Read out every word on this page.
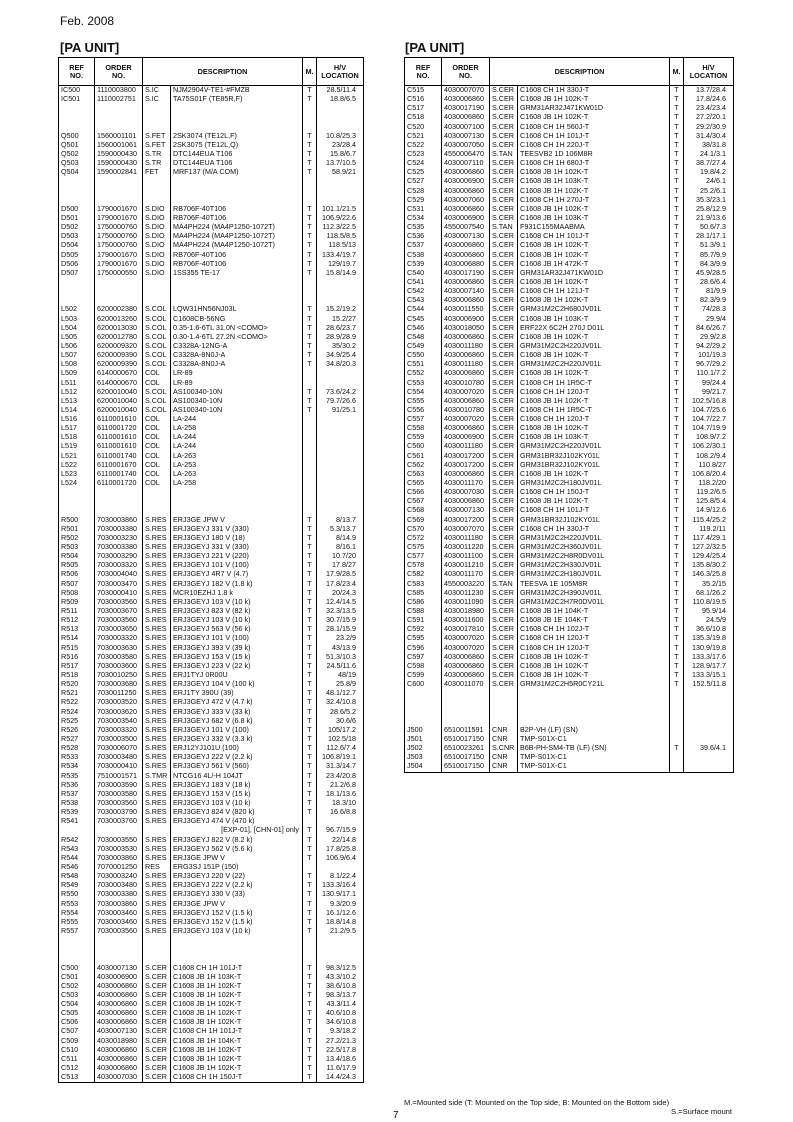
Feb. 2008
[PA UNIT]	[PA UNIT]
REF
NO.	ORDER
NO.	DESCRIPTION		M.	H/V
LOCATION
IC500	1110003800	S.IC	NJM2904V-TE1-#FMZB	T	28.5/11.4
IC501	1110002751	S.IC	TA75S01F (TE85R,F)	T	18.8/6.5

Q500	1560001101	S.FET	2SK3074 (TE12L,F)	T	10.8/25.3
Q501	1560001061	S.FET	2SK3075 (TE12L,Q)	T	23/28.4
Q502	1590000430	S.TR	DTC144EUA T106	T	15.8/6.7
Q503	1590000430	S.TR	DTC144EUA T106	T	13.7/10.5
Q504	1590002841	FET	MRF137 (M/A COM)	T	58.9/21

D500	1790001670	S.DIO	RB706F-40T106	T	101.1/21.5
D501	1790001670	S.DIO	RB706F-40T106	T	106.9/22.6
D502	1750000760	S.DIO	MA4PH224 (MA4P1250-1072T)	T	112.3/22.5
D503	1750000760	S.DIO	MA4PH224 (MA4P1250-1072T)	T	118.5/8.5
D504	1750000760	S.DIO	MA4PH224 (MA4P1250-1072T)	T	118.5/13
D505	1790001670	S.DIO	RB706F-40T106	T	133.4/19.7
D506	1790001670	S.DIO	RB706F-40T106	T	129/19.7
D507	1750000550	S.DIO	1SS355 TE-17	T	15.8/14.9

L502	6200002380	S.COL	LQW31HN56NJ03L	T	15.2/19.2
L503	6200013260	S.COL	C1608CB-56NG	T	15.2/27
L504	6200013030	S.COL	0.35-1.6-6TL 31.0N <COMO>	T	28.6/23.7
L505	6200012780	S.COL	0.30-1.4-6TL 27.2N <COMO>	T	28.9/28.9
L506	6200009320	S.COL	C3328A-12NG-A	T	35/30.2
L507	6200009390	S.COL	C3328A-8N0J-A	T	34.9/25.4
L508	6200009390	S.COL	C3328A-8N0J-A	T	34.8/20.3
L509	6140000670	COL	LR-89		
L511	6140000670	COL	LR-89		
L512	6200010040	S.COL	AS100340-10N	T	73.6/24.2
L513	6200010040	S.COL	AS100340-10N	T	79.7/26.6
L514	6200010040	S.COL	AS100340-10N	T	91/25.1
L516	6110001610	COL	LA-244		
L517	6110001720	COL	LA-258		
L518	6110001610	COL	LA-244		
L519	6110001610	COL	LA-244		
L521	6110001740	COL	LA-263		
L522	6110001670	COL	LA-253		
L523	6110001740	COL	LA-263		
L524	6110001720	COL	LA-258		

R500	7030003860	S.RES	ERJ3GE JPW V	T	8/13.7
R501	7030003380	S.RES	ERJ3GEYJ 331 V (330)	T	5.3/13.7
R502	7030003230	S.RES	ERJ3GEYJ 180 V (18)	T	8/14.9
R503	7030003380	S.RES	ERJ3GEYJ 331 V (330)	T	8/16.1
R504	7030003290	S.RES	ERJ3GEYJ 221 V (220)	T	10.7/20
R505	7030003320	S.RES	ERJ3GEYJ 101 V (100)	T	17.8/27
R506	7030004040	S.RES	ERJ3GEYJ 4R7 V (4.7)	T	17.9/28.5
R507	7030003470	S.RES	ERJ3GEYJ 182 V (1.8 k)	T	17.8/23.4
R508	7030000410	S.RES	MCR10EZHJ 1.8 k	T	20/24.3
R509	7030003560	S.RES	ERJ3GEYJ 103 V (10 k)	T	12.4/14.5
R511	7030003670	S.RES	ERJ3GEYJ 823 V (82 k)	T	32.3/13.5
R512	7030003560	S.RES	ERJ3GEYJ 103 V (10 k)	T	30.7/15.9
R513	7030003650	S.RES	ERJ3GEYJ 563 V (56 k)	T	28.1/15.9
R514	7030003320	S.RES	ERJ3GEYJ 101 V (100)	T	23.2/9
R515	7030003630	S.RES	ERJ3GEYJ 393 V (39 k)	T	43/13.9
R516	7030003580	S.RES	ERJ3GEYJ 153 V (15 k)	T	51.3/10.3
R517	7030003600	S.RES	ERJ3GEYJ 223 V (22 k)	T	24.5/11.6
R518	7030010250	S.RES	ERJ1TYJ 0R00U	T	48/19
R520	7030003680	S.RES	ERJ3GEYJ 104 V (100 k)	T	25.8/9
R521	7030011250	S.RES	ERJ1TY 390U (39)	T	48.1/12.7
R522	7030003520	S.RES	ERJ3GEYJ 472 V (4.7 k)	T	32.4/10.8
R524	7030003620	S.RES	ERJ3GEYJ 333 V (33 k)	T	28.6/5.2
R525	7030003540	S.RES	ERJ3GEYJ 682 V (6.8 k)	T	30.6/6
R526	7030003320	S.RES	ERJ3GEYJ 101 V (100)	T	105/17.2
R527	7030003500	S.RES	ERJ3GEYJ 332 V (3.3 k)	T	102.5/18
R528	7030006070	S.RES	ERJ12YJ101U (100)	T	112.6/7.4
R533	7030003480	S.RES	ERJ3GEYJ 222 V (2.2 k)	T	106.8/19.1
R534	7030000410	S.RES	ERJ3GEYJ 561 V (560)	T	31.3/14.7
R535	7510001571	S.TMR	NTCG16 4L/-H 104JT	T	23.4/20.8
R536	7030003590	S.RES	ERJ3GEYJ 183 V (18 k)	T	21.2/6.8
R537	7030003580	S.RES	ERJ3GEYJ 153 V (15 k)	T	18.1/13.6
R538	7030003560	S.RES	ERJ3GEYJ 103 V (10 k)	T	18.3/10
R539	7030003790	S.RES	ERJ3GEYJ 824 V (820 k)	T	16.6/8.8
R541	7030003760	S.RES	ERJ3GEYJ 474 V (470 k)		
			[EXP-01], [CHN-01] only	T	96.7/15.9
R542	7030003550	S.RES	ERJ3GEYJ 822 V (8.2 k)	T	22/14.8
R543	7030003530	S.RES	ERJ3GEYJ 562 V (5.6 k)	T	17.8/25.8
R544	7030003860	S.RES	ERJ3GE JPW V	T	106.9/6.4
R546	7070001250	RES	ERG3SJ 151P (150)		
R548	7030003240	S.RES	ERJ3GEYJ 220 V (22)	T	8.1/22.4
R549	7030003480	S.RES	ERJ3GEYJ 222 V (2.2 k)	T	133.3/16.4
R550	7030003380	S.RES	ERJ3GEYJ 330 V (33)	T	130.9/17.1
R553	7030003860	S.RES	ERJ3GE JPW V	T	9.3/20.9
R554	7030003460	S.RES	ERJ3GEYJ 152 V (1.5 k)	T	16.1/12.6
R555	7030003460	S.RES	ERJ3GEYJ 152 V (1.5 k)	T	18.8/14.8
R557	7030003560	S.RES	ERJ3GEYJ 103 V (10 k)	T	21.2/9.5

C500	4030007130	S.CER	C1608 CH 1H 101J-T	T	98.3/12.5
C501	4030006900	S.CER	C1608 JB 1H 103K-T	T	43.3/10.2
C502	4030006860	S.CER	C1608 JB 1H 102K-T	T	38.6/10.8
C503	4030006860	S.CER	C1608 JB 1H 102K-T	T	98.3/13.7
C504	4030006860	S.CER	C1608 JB 1H 102K-T	T	43.3/11.4
C505	4030006860	S.CER	C1608 JB 1H 102K-T	T	40.6/10.8
C506	4030006860	S.CER	C1608 JB 1H 102K-T	T	34.6/10.8
C507	4030007130	S.CER	C1608 CH 1H 101J-T	T	9.3/18.2
C509	4030018980	S.CER	C1608 JB 1H 104K-T	T	27.2/21.3
C510	4030006860	S.CER	C1608 JB 1H 102K-T	T	22.5/17.8
C511	4030006860	S.CER	C1608 JB 1H 102K-T	T	13.4/18.6
C512	4030006860	S.CER	C1608 JB 1H 102K-T	T	11.6/17.9
C513	4030007030	S.CER	C1608 CH 1H 150J-T	T	14.4/24.3
REF
NO.	ORDER
NO.	DESCRIPTION		M.	H/V
LOCATION
C515	4030007070	S.CER	C1608 CH 1H 330J-T	T	13.7/28.4
C516	4030006860	S.CER	C1608 JB 1H 102K-T	T	17.8/24.6
C517	4030017190	S.CER	GRM31AR32J471KW01D	T	23.4/23.4
C518	4030006860	S.CER	C1608 JB 1H 102K-T	T	27.2/20.1
C520	4030007100	S.CER	C1608 CH 1H 560J-T	T	29.2/30.9
C521	4030007130	S.CER	C1608 CH 1H 101J-T	T	31.4/30.4
C522	4030007050	S.CER	C1608 CH 1H 220J-T	T	38/31.8
C523	4550006470	S.TAN	TEESVB2 1D 106M8R	T	24.1/3.1
C524	4030007110	S.CER	C1608 CH 1H 680J-T	T	38.7/27.4
C525	4030006860	S.CER	C1608 JB 1H 102K-T	T	19.8/4.2
C527	4030006900	S.CER	C1608 JB 1H 103K-T	T	24/6.1
C528	4030006860	S.CER	C1608 JB 1H 102K-T	T	25.2/6.1
C529	4030007060	S.CER	C1608 CH 1H 270J-T	T	35.3/23.1
C531	4030006860	S.CER	C1608 JB 1H 102K-T	T	25.8/12.9
C534	4030006900	S.CER	C1608 JB 1H 103K-T	T	21.9/13.6
C535	4550007540	S.TAN	F931C155MAABMA	T	50.6/7.3
C536	4030007130	S.CER	C1608 CH 1H 101J-T	T	28.1/17.1
C537	4030006860	S.CER	C1608 JB 1H 102K-T	T	51.3/9.1
C538	4030006860	S.CER	C1608 JB 1H 102K-T	T	85.7/9.9
C539	4030006880	S.CER	C1608 JB 1H 472K-T	T	84.3/9.9
C540	4030017190	S.CER	GRM31AR32J471KW01D	T	45.9/28.5
C541	4030006860	S.CER	C1608 JB 1H 102K-T	T	28.6/6.4
C542	4030007140	S.CER	C1608 CH 1H 121J-T	T	81/9.9
C543	4030006860	S.CER	C1608 JB 1H 102K-T	T	82.3/9.9
C544	4030011550	S.CER	GRM31M2C2H680JV01L	T	74/28.3
C545	4030006900	S.CER	C1608 JB 1H 103K-T	T	29.9/4
C546	4030018050	S.CER	ERF22X 6C2H 270J D01L	T	84.6/26.7
C548	4030006860	S.CER	C1608 JB 1H 102K-T	T	29.9/2.8
C549	4030011180	S.CER	GRM31M2C2H220JV01L	T	94.2/29.2
C550	4030006860	S.CER	C1608 JB 1H 102K-T	T	101/19.3
C551	4030011180	S.CER	GRM31M2C2H220JV01L	T	96.7/29.2
C552	4030006860	S.CER	C1608 JB 1H 102K-T	T	110.1/7.2
C553	4030010780	S.CER	C1608 CH 1H 1R5C-T	T	99/24.4
C554	4030007020	S.CER	C1608 CH 1H 120J-T	T	99/21.7
C555	4030006860	S.CER	C1608 JB 1H 102K-T	T	102.5/16.8
C556	4030010780	S.CER	C1608 CH 1H 1R5C-T	T	104.7/25.6
C557	4030007020	S.CER	C1608 CH 1H 120J-T	T	104.7/22.7
C558	4030006860	S.CER	C1608 JB 1H 102K-T	T	104.7/19.9
C559	4030006900	S.CER	C1608 JB 1H 103K-T	T	108.9/7.2
C560	4030011180	S.CER	GRM31M2C2H220JV01L	T	106.2/30.1
C561	4030017200	S.CER	GRM31BR32J102KY01L	T	108.2/9.4
C562	4030017200	S.CER	GRM31BR32J102KY01L	T	110.8/27
C563	4030006860	S.CER	C1608 JB 1H 102K-T	T	106.8/20.4
C565	4030011170	S.CER	GRM31M2C2H180JV01L	T	118.2/20
C566	4030007030	S.CER	C1608 CH 1H 150J-T	T	119.2/6.5
C567	4030006860	S.CER	C1608 JB 1H 102K-T	T	125.8/5.4
C568	4030007130	S.CER	C1608 CH 1H 101J-T	T	14.9/12.6
C569	4030017200	S.CER	GRM31BR32J102KY01L	T	115.4/25.2
C570	4030007070	S.CER	C1608 CH 1H 330J-T	T	119.2/11
C572	4030011180	S.CER	GRM31M2C2H220JV01L	T	117.4/29.1
C575	4030011220	S.CER	GRM31M2C2H360JV01L	T	127.2/32.5
C577	4030011100	S.CER	GRM31M2C2H8R0DV01L	T	129.4/25.4
C578	4030011210	S.CER	GRM31M2C2H330JV01L	T	135.8/30.2
C582	4030011170	S.CER	GRM31M2C2H180JV01L	T	146.3/25.8
C583	4550003220	S.TAN	TEESVA 1E 105M8R	T	35.2/15
C585	4030011230	S.CER	GRM31M2C2H390JV01L	T	68.1/26.2
C586	4030011090	S.CER	GRM31M2C2H7R0DV01L	T	110.8/19.5
C588	4030018980	S.CER	C1608 JB 1H 104K-T	T	95.9/14
C591	4030011600	S.CER	C1608 JB 1E 104K-T	T	24.5/9
C592	4030017810	S.CER	C1608 CH 1H 102J-T	T	36.6/10.8
C595	4030007020	S.CER	C1608 CH 1H 120J-T	T	135.3/19.8
C596	4030007020	S.CER	C1608 CH 1H 120J-T	T	130.9/19.8
C597	4030006860	S.CER	C1608 JB 1H 102K-T	T	133.3/17.6
C598	4030006860	S.CER	C1608 JB 1H 102K-T	T	128.9/17.7
C599	4030006860	S.CER	C1608 JB 1H 102K-T	T	133.3/15.1
C600	4030011070	S.CER	GRM31M2C2H5R0CY21L	T	152.5/11.8

J500	6510011591	CNR	B2P-VH (LF) (SN)		
J501	6510017150	CNR	TMP-S01X-C1		
J502	6510023261	S.CNR	B6B-PH-SM4-TB (LF) (SN)	T	39.6/4.1
J503	6510017150	CNR	TMP-S01X-C1		
J504	6510017150	CNR	TMP-S01X-C1		
M.=Mounted side (T: Mounted on the Top side, B: Mounted on the Bottom side)
S.=Surface mount
7
